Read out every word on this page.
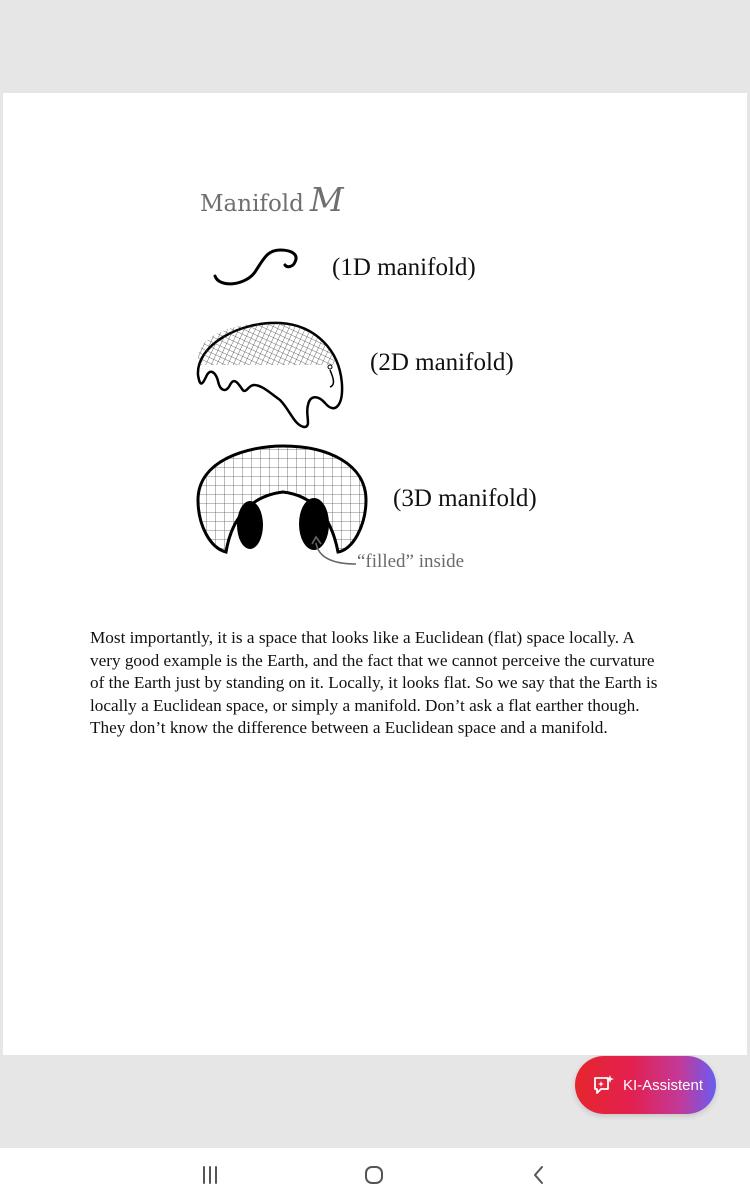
Manifold M
(1D manifold)
(2D manifold)
(3D manifold)
“filled” inside

Most importantly, it is a space that looks like a Euclidean (flat) space locally. A very good example is the Earth, and the fact that we cannot perceive the curvature of the Earth just by standing on it. Locally, it looks flat. So we say that the Earth is locally a Euclidean space, or simply a manifold. Don’t ask a flat earther though. They don’t know the difference between a Euclidean space and a manifold.

KI-Assistent
